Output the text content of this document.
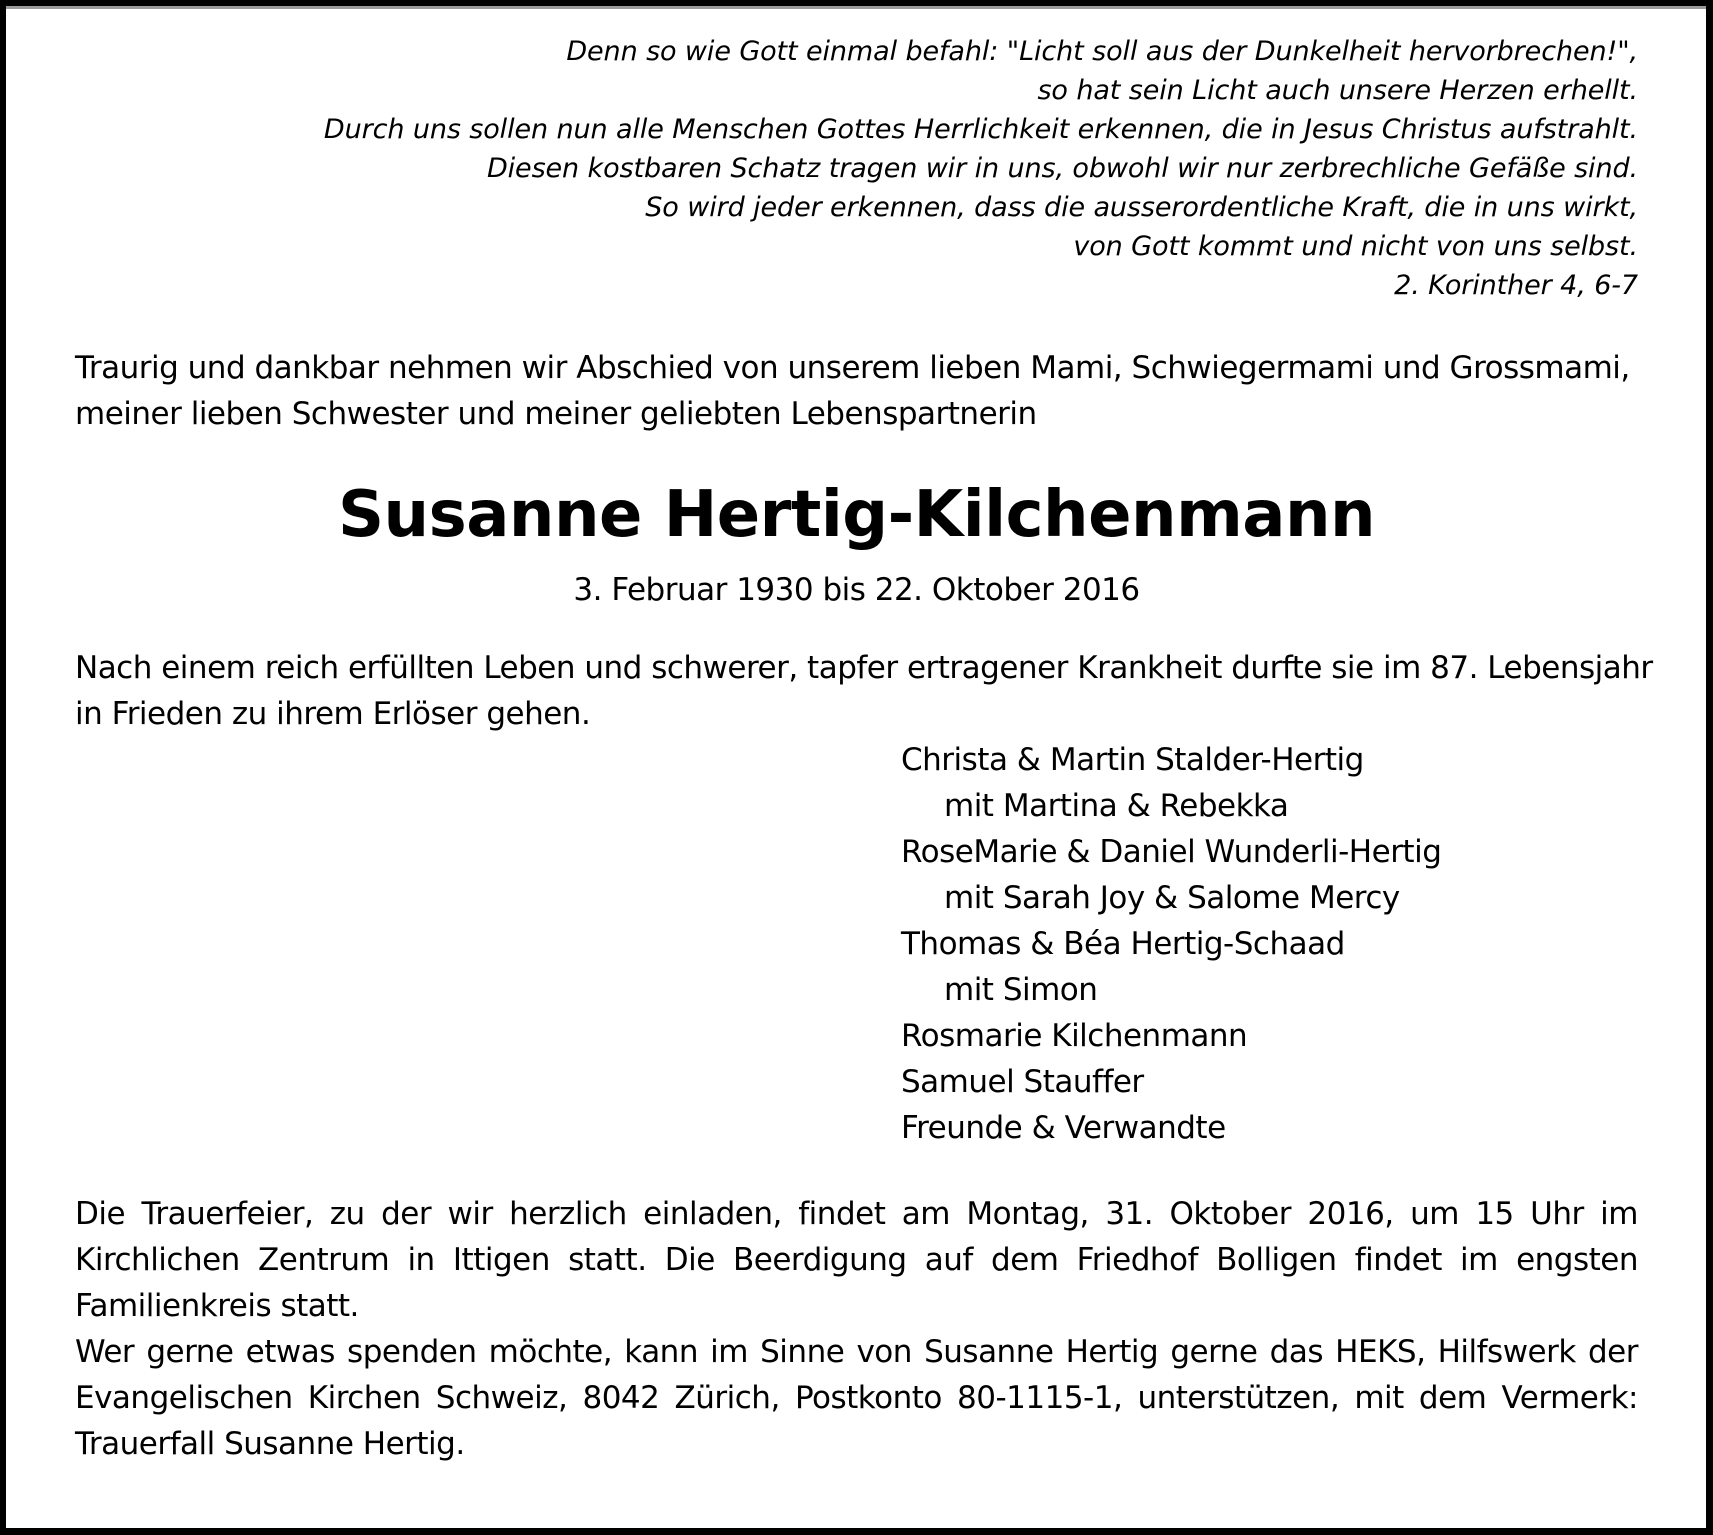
Denn so wie Gott einmal befahl: "Licht soll aus der Dunkelheit hervorbrechen!",
so hat sein Licht auch unsere Herzen erhellt.
Durch uns sollen nun alle Menschen Gottes Herrlichkeit erkennen, die in Jesus Christus aufstrahlt.
Diesen kostbaren Schatz tragen wir in uns, obwohl wir nur zerbrechliche Gefäße sind.
So wird jeder erkennen, dass die ausserordentliche Kraft, die in uns wirkt,
von Gott kommt und nicht von uns selbst.
2. Korinther 4, 6-7
Traurig und dankbar nehmen wir Abschied von unserem lieben Mami, Schwiegermami und Grossmami,
meiner lieben Schwester und meiner geliebten Lebenspartnerin
Susanne Hertig-Kilchenmann
3. Februar 1930 bis 22. Oktober 2016
Nach einem reich erfüllten Leben und schwerer, tapfer ertragener Krankheit durfte sie im 87. Lebensjahr
in Frieden zu ihrem Erlöser gehen.
Christa & Martin Stalder-Hertig
mit Martina & Rebekka
RoseMarie & Daniel Wunderli-Hertig
mit Sarah Joy & Salome Mercy
Thomas & Béa Hertig-Schaad
mit Simon
Rosmarie Kilchenmann
Samuel Stauffer
Freunde & Verwandte
Die Trauerfeier, zu der wir herzlich einladen, findet am Montag, 31. Oktober 2016, um 15 Uhr im Kirchlichen Zentrum in Ittigen statt. Die Beerdigung auf dem Friedhof Bolligen findet im engsten Familienkreis statt.
Wer gerne etwas spenden möchte, kann im Sinne von Susanne Hertig gerne das HEKS, Hilfswerk der Evangelischen Kirchen Schweiz, 8042 Zürich, Postkonto 80-1115-1, unterstützen, mit dem Vermerk: Trauerfall Susanne Hertig.
